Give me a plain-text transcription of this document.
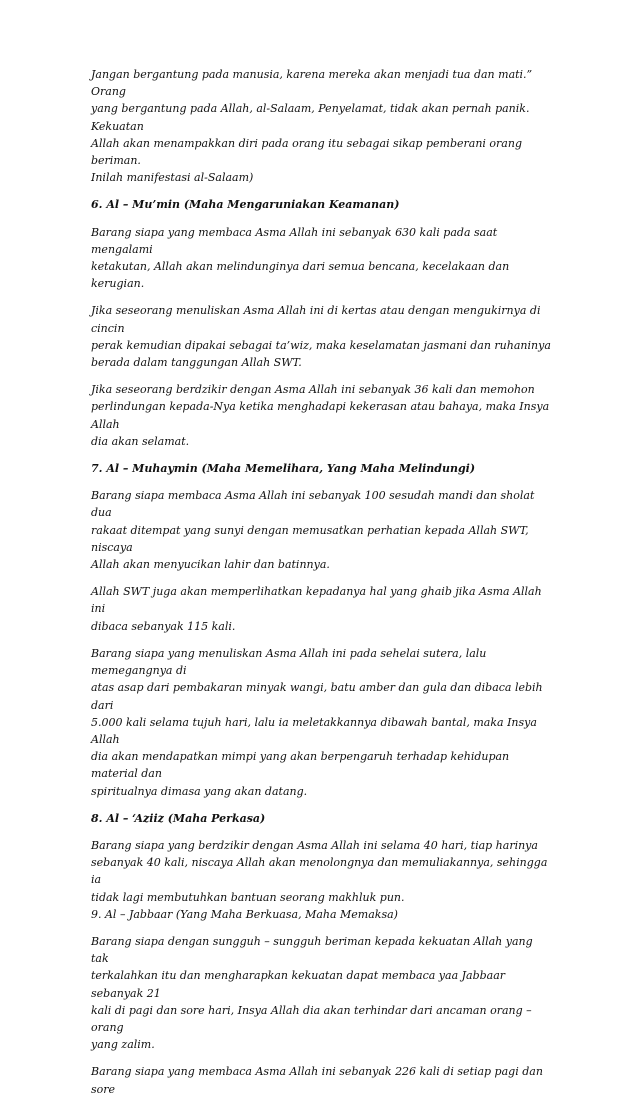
Jangan bergantung pada manusia, karena mereka akan menjadi tua dan mati.” Orang
yang bergantung pada Allah, al-Salaam, Penyelamat, tidak akan pernah panik. Kekuatan
Allah akan menampakkan diri pada orang itu sebagai sikap pemberani orang beriman.
Inilah manifestasi al-Salaam)

6. Al – Mu’min (Maha Mengaruniakan Keamanan)

Barang siapa yang membaca Asma Allah ini sebanyak 630 kali pada saat mengalami
ketakutan, Allah akan melindunginya dari semua bencana, kecelakaan dan kerugian.

Jika seseorang menuliskan Asma Allah ini di kertas atau dengan mengukirnya di cincin
perak kemudian dipakai sebagai ta’wiz, maka keselamatan jasmani dan ruhaninya
berada dalam tanggungan Allah SWT.

Jika seseorang berdzikir dengan Asma Allah ini sebanyak 36 kali dan memohon
perlindungan kepada-Nya ketika menghadapi kekerasan atau bahaya, maka Insya Allah
dia akan selamat.

7. Al – Muhaymin (Maha Memelihara, Yang Maha Melindungi)

Barang siapa membaca Asma Allah ini sebanyak 100 sesudah mandi dan sholat dua
rakaat ditempat yang sunyi dengan memusatkan perhatian kepada Allah SWT, niscaya
Allah akan menyucikan lahir dan batinnya.

Allah SWT juga akan memperlihatkan kepadanya hal yang ghaib jika Asma Allah ini
dibaca sebanyak 115 kali.

Barang siapa yang menuliskan Asma Allah ini pada sehelai sutera, lalu memegangnya di
atas asap dari pembakaran minyak wangi, batu amber dan gula dan dibaca lebih dari
5.000 kali selama tujuh hari, lalu ia meletakkannya dibawah bantal, maka Insya Allah
dia akan mendapatkan mimpi yang akan berpengaruh terhadap kehidupan material dan
spiritualnya dimasa yang akan datang.

8. Al – ‘Aziiz (Maha Perkasa)

Barang siapa yang berdzikir dengan Asma Allah ini selama 40 hari, tiap harinya
sebanyak 40 kali, niscaya Allah akan menolongnya dan memuliakannya, sehingga ia
tidak lagi membutuhkan bantuan seorang makhluk pun.

9. Al – Jabbaar (Yang Maha Berkuasa, Maha Memaksa)

Barang siapa dengan sungguh – sungguh beriman kepada kekuatan Allah yang tak
terkalahkan itu dan mengharapkan kekuatan dapat membaca yaa Jabbaar sebanyak 21
kali di pagi dan sore hari, Insya Allah dia akan terhindar dari ancaman orang – orang
yang zalim.

Barang siapa yang membaca Asma Allah ini sebanyak 226 kali di setiap pagi dan sore
